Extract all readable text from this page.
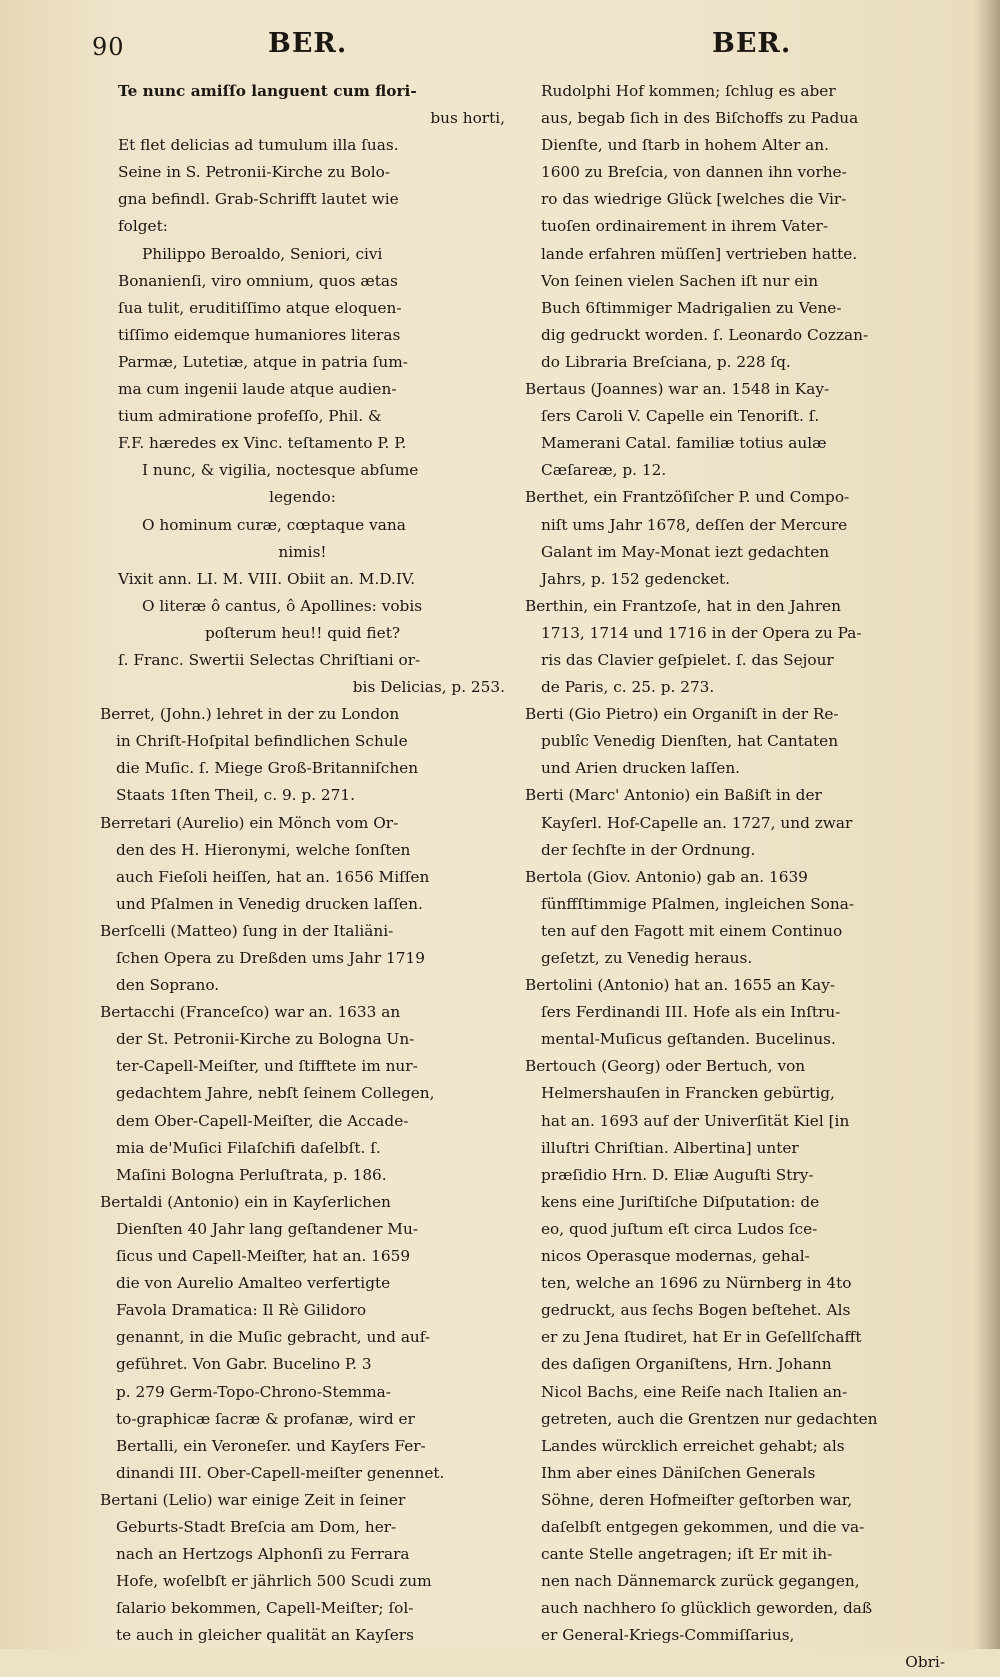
90	BER.	BER.
Te nunc amiſſo languent cum flori-
bus horti,
Et flet delicias ad tumulum illa ſuas.
Seine in S. Petronii-Kirche zu Bolo-
gna befindl. Grab-Schrifft lautet wie
folget:
Philippo Beroaldo, Seniori, civi
Bonanienſi, viro omnium, quos ætas
ſua tulit, eruditiſſimo atque eloquen-
tiſſimo eidemque humaniores literas
Parmæ, Lutetiæ, atque in patria ſum-
ma cum ingenii laude atque audien-
tium admiratione profeſſo, Phil. &
F.F. hæredes ex Vinc. teſtamento P. P.
I nunc, & vigilia, noctesque abſume
legendo:
O hominum curæ, cœptaque vana
nimis!
Vixit ann. LI. M. VIII. Obiit an. M.D.IV.
O literæ ô cantus, ô Apollines: vobis
poſterum heu!! quid fiet?
ſ. Franc. Swertii Selectas Chriſtiani or-
bis Delicias, p. 253.
Berret, (John.) lehret in der zu London
in Chriſt-Hoſpital befindlichen Schule
die Muſic. ſ. Miege Groß-Britanniſchen
Staats 1ſten Theil, c. 9. p. 271.
Berretari (Aurelio) ein Mönch vom Or-
den des H. Hieronymi, welche ſonſten
auch Fieſoli heiſſen, hat an. 1656 Miſſen
und Pſalmen in Venedig drucken laſſen.
Berſcelli (Matteo) ſung in der Italiäni-
ſchen Opera zu Dreßden ums Jahr 1719
den Soprano.
Bertacchi (Franceſco) war an. 1633 an
der St. Petronii-Kirche zu Bologna Un-
ter-Capell-Meiſter, und ſtifftete im nur-
gedachtem Jahre, nebſt ſeinem Collegen,
dem Ober-Capell-Meiſter, die Accade-
mia de'Muſici Filaſchifi daſelbſt. ſ.
Maſini Bologna Perluſtrata, p. 186.
Bertaldi (Antonio) ein in Kayſerlichen
Dienſten 40 Jahr lang geſtandener Mu-
ſicus und Capell-Meiſter, hat an. 1659
die von Aurelio Amalteo verfertigte
Favola Dramatica: Il Rè Gilidoro
genannt, in die Muſic gebracht, und auf-
geführet. Von Gabr. Bucelino P. 3
p. 279 Germ-Topo-Chrono-Stemma-
to-graphicæ ſacræ & profanæ, wird er
Bertalli, ein Veroneſer. und Kayſers Fer-
dinandi III. Ober-Capell-meiſter genennet.
Bertani (Lelio) war einige Zeit in ſeiner
Geburts-Stadt Breſcia am Dom, her-
nach an Hertzogs Alphonſi zu Ferrara
Hofe, woſelbſt er jährlich 500 Scudi zum
ſalario bekommen, Capell-Meiſter; ſol-
te auch in gleicher qualität an Kayſers
Rudolphi Hof kommen; ſchlug es aber
aus, begab ſich in des Biſchoffs zu Padua
Dienſte, und ſtarb in hohem Alter an.
1600 zu Breſcia, von dannen ihn vorhe-
ro das wiedrige Glück [welches die Vir-
tuoſen ordinairement in ihrem Vater-
lande erfahren müſſen] vertrieben hatte.
Von ſeinen vielen Sachen iſt nur ein
Buch 6ſtimmiger Madrigalien zu Vene-
dig gedruckt worden. ſ. Leonardo Cozzan-
do Libraria Breſciana, p. 228 ſq.
Bertaus (Joannes) war an. 1548 in Kay-
ſers Caroli V. Capelle ein Tenoriſt. ſ.
Mamerani Catal. familiæ totius aulæ
Cæſareæ, p. 12.
Berthet, ein Frantzöſiſcher P. und Compo-
niſt ums Jahr 1678, deſſen der Mercure
Galant im May-Monat iezt gedachten
Jahrs, p. 152 gedencket.
Berthin, ein Frantzoſe, hat in den Jahren
1713, 1714 und 1716 in der Opera zu Pa-
ris das Clavier geſpielet. ſ. das Sejour
de Paris, c. 25. p. 273.
Berti (Gio Pietro) ein Organiſt in der Re-
publîc Venedig Dienſten, hat Cantaten
und Arien drucken laſſen.
Berti (Marc' Antonio) ein Baßiſt in der
Kayſerl. Hof-Capelle an. 1727, und zwar
der ſechſte in der Ordnung.
Bertola (Giov. Antonio) gab an. 1639
fünffſtimmige Pſalmen, ingleichen Sona-
ten auf den Fagott mit einem Continuo
geſetzt, zu Venedig heraus.
Bertolini (Antonio) hat an. 1655 an Kay-
ſers Ferdinandi III. Hofe als ein Inſtru-
mental-Muſicus geſtanden. Bucelinus.
Bertouch (Georg) oder Bertuch, von
Helmershauſen in Francken gebürtig,
hat an. 1693 auf der Univerſität Kiel [in
illuſtri Chriſtian. Albertina] unter
præſidio Hrn. D. Eliæ Auguſti Stry-
kens eine Juriſtiſche Diſputation: de
eo, quod juſtum eſt circa Ludos ſce-
nicos Operasque modernas, gehal-
ten, welche an 1696 zu Nürnberg in 4to
gedruckt, aus ſechs Bogen beſtehet. Als
er zu Jena ſtudiret, hat Er in Geſellſchafft
des daſigen Organiſtens, Hrn. Johann
Nicol Bachs, eine Reiſe nach Italien an-
getreten, auch die Grentzen nur gedachten
Landes würcklich erreichet gehabt; als
Ihm aber eines Däniſchen Generals
Söhne, deren Hofmeiſter geſtorben war,
daſelbſt entgegen gekommen, und die va-
cante Stelle angetragen; iſt Er mit ih-
nen nach Dännemarck zurück gegangen,
auch nachhero ſo glücklich geworden, daß
er General-Kriegs-Commiſſarius,
Obri-
